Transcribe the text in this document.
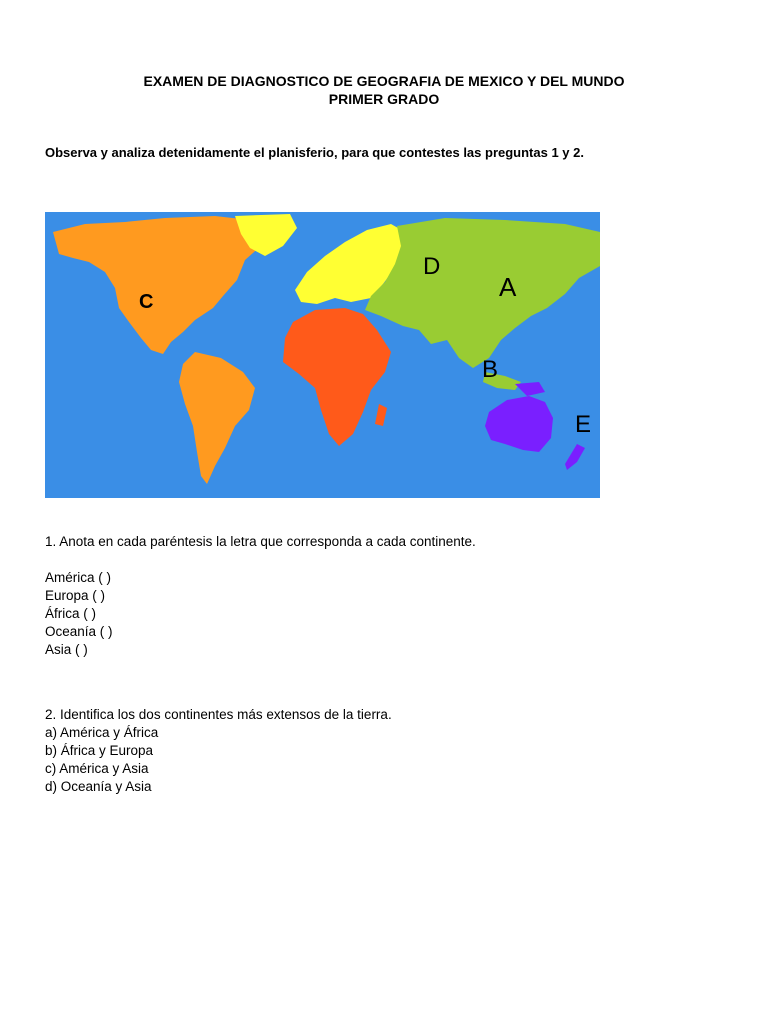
EXAMEN DE DIAGNOSTICO DE GEOGRAFIA DE MEXICO Y DEL MUNDO
PRIMER GRADO
Observa y analiza detenidamente el planisferio, para que contestes las preguntas 1 y 2.
C
D
A
B
E
1. Anota en cada paréntesis la letra que corresponda a cada continente.
América ( )
Europa ( )
África ( )
Oceanía ( )
Asia ( )
2. Identifica los dos continentes más extensos de la tierra.
a) América y África
b) África y Europa
c) América y Asia
d) Oceanía y Asia
